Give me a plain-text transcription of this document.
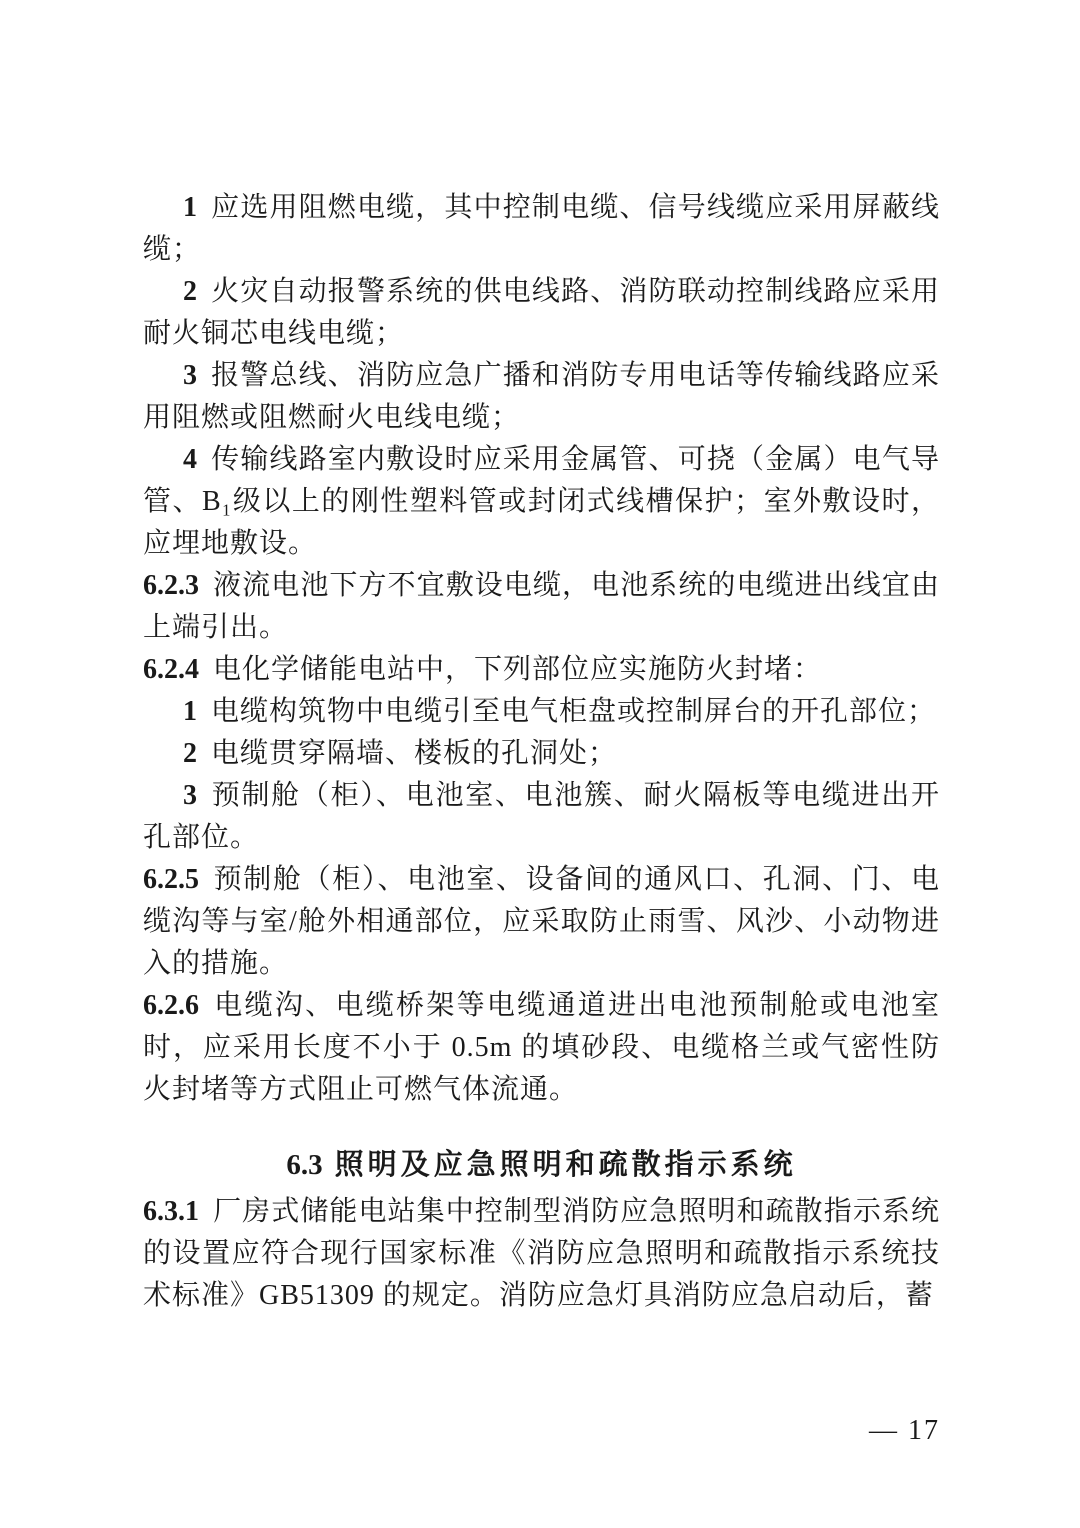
1 应选用阻燃电缆，其中控制电缆、信号线缆应采用屏蔽线缆；

2 火灾自动报警系统的供电线路、消防联动控制线路应采用耐火铜芯电线电缆；

3 报警总线、消防应急广播和消防专用电话等传输线路应采用阻燃或阻燃耐火电线电缆；

4 传输线路室内敷设时应采用金属管、可挠（金属）电气导管、B₁级以上的刚性塑料管或封闭式线槽保护；室外敷设时，应埋地敷设。

6.2.3 液流电池下方不宜敷设电缆，电池系统的电缆进出线宜由上端引出。

6.2.4 电化学储能电站中，下列部位应实施防火封堵：

1 电缆构筑物中电缆引至电气柜盘或控制屏台的开孔部位；

2 电缆贯穿隔墙、楼板的孔洞处；

3 预制舱（柜）、电池室、电池簇、耐火隔板等电缆进出开孔部位。

6.2.5 预制舱（柜）、电池室、设备间的通风口、孔洞、门、电缆沟等与室/舱外相通部位，应采取防止雨雪、风沙、小动物进入的措施。

6.2.6 电缆沟、电缆桥架等电缆通道进出电池预制舱或电池室时，应采用长度不小于 0.5m 的填砂段、电缆格兰或气密性防火封堵等方式阻止可燃气体流通。

6.3 照明及应急照明和疏散指示系统

6.3.1 厂房式储能电站集中控制型消防应急照明和疏散指示系统的设置应符合现行国家标准《消防应急照明和疏散指示系统技术标准》GB51309 的规定。消防应急灯具消防应急启动后，蓄

— 17
